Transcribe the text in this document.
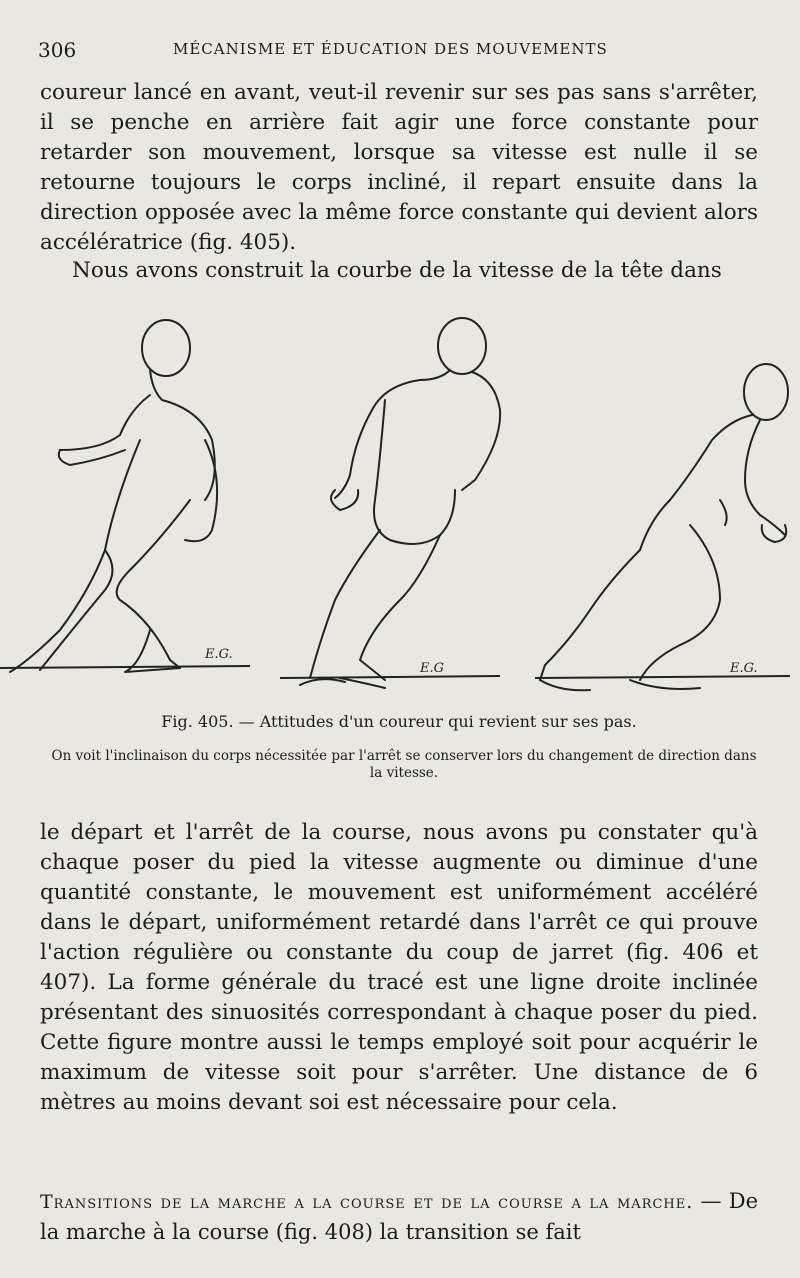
306	MÉCANISME ET ÉDUCATION DES MOUVEMENTS

coureur lancé en avant, veut-il revenir sur ses pas sans s'arrêter, il se penche en arrière fait agir une force constante pour retarder son mouvement, lorsque sa vitesse est nulle il se retourne toujours le corps incliné, il repart ensuite dans la direction opposée avec la même force constante qui devient alors accélératrice (fig. 405).

Nous avons construit la courbe de la vitesse de la tête dans

E.G.
E.G	E.G.
Fig. 405. — Attitudes d'un coureur qui revient sur ses pas.
On voit l'inclinaison du corps nécessitée par l'arrêt se conserver lors du changement de direction dans la vitesse.

le départ et l'arrêt de la course, nous avons pu constater qu'à chaque poser du pied la vitesse augmente ou diminue d'une quantité constante, le mouvement est uniformément accéléré dans le départ, uniformément retardé dans l'arrêt ce qui prouve l'action régulière ou constante du coup de jarret (fig. 406 et 407). La forme générale du tracé est une ligne droite inclinée présentant des sinuosités correspondant à chaque poser du pied. Cette figure montre aussi le temps employé soit pour acquérir le maximum de vitesse soit pour s'arrêter. Une distance de 6 mètres au moins devant soi est nécessaire pour cela.

Transitions de la marche a la course et de la course a la marche. — De la marche à la course (fig. 408) la transition se fait
